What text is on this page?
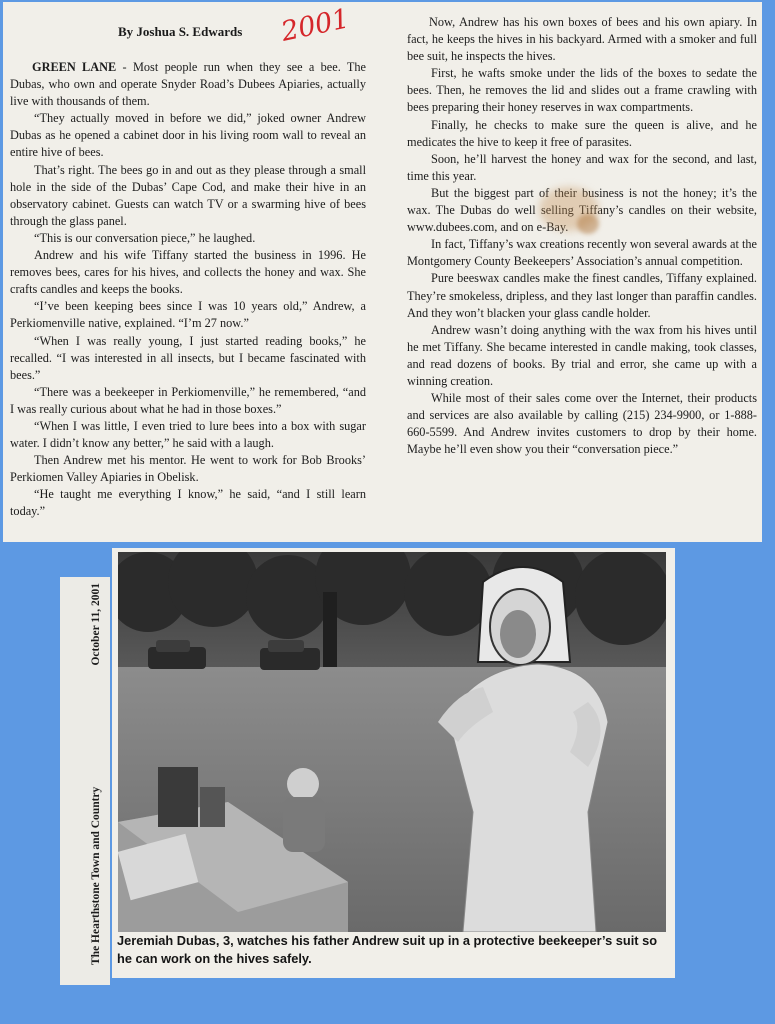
By Joshua S. Edwards 2001

GREEN LANE - Most people run when they see a bee. The Dubas, who own and operate Snyder Road’s Dubees Apiaries, actually live with thousands of them.

“They actually moved in before we did,” joked owner Andrew Dubas as he opened a cabinet door in his living room wall to reveal an entire hive of bees.

That’s right. The bees go in and out as they please through a small hole in the side of the Dubas’ Cape Cod, and make their hive in an observatory cabinet. Guests can watch TV or a swarming hive of bees through the glass panel.

“This is our conversation piece,” he laughed.

Andrew and his wife Tiffany started the business in 1996. He removes bees, cares for his hives, and collects the honey and wax. She crafts candles and keeps the books.

“I’ve been keeping bees since I was 10 years old,” Andrew, a Perkiomenville native, explained. “I’m 27 now.”

“When I was really young, I just started reading books,” he recalled. “I was interested in all insects, but I became fascinated with bees.”

“There was a beekeeper in Perkiomenville,” he remembered, “and I was really curious about what he had in those boxes.”

“When I was little, I even tried to lure bees into a box with sugar water. I didn’t know any better,” he said with a laugh.

Then Andrew met his mentor. He went to work for Bob Brooks’ Perkiomen Valley Apiaries in Obelisk.

“He taught me everything I know,” he said, “and I still learn today.”

Now, Andrew has his own boxes of bees and his own apiary. In fact, he keeps the hives in his backyard. Armed with a smoker and full bee suit, he inspects the hives.

First, he wafts smoke under the lids of the boxes to sedate the bees. Then, he removes the lid and slides out a frame crawling with bees preparing their honey reserves in wax compartments.

Finally, he checks to make sure the queen is alive, and he medicates the hive to keep it free of parasites.

Soon, he’ll harvest the honey and wax for the second, and last, time this year.

But the biggest part of their business is not the honey; it’s the wax. The Dubas do well selling Tiffany’s candles on their website, www.dubees.com, and on e-Bay.

In fact, Tiffany’s wax creations recently won several awards at the Montgomery County Beekeepers’ Association’s annual competition.

Pure beeswax candles make the finest candles, Tiffany explained. They’re smokeless, dripless, and they last longer than paraffin candles. And they won’t blacken your glass candle holder.

Andrew wasn’t doing anything with the wax from his hives until he met Tiffany. She became interested in candle making, took classes, and read dozens of books. By trial and error, she came up with a winning creation.

While most of their sales come over the Internet, their products and services are also available by calling (215) 234-9900, or 1-888-660-5599. And Andrew invites customers to drop by their home. Maybe he’ll even show you their “conversation piece.”

The Hearthstone Town and Country
October 11, 2001
Jeremiah Dubas, 3, watches his father Andrew suit up in a protective beekeeper’s suit so he can work on the hives safely.
